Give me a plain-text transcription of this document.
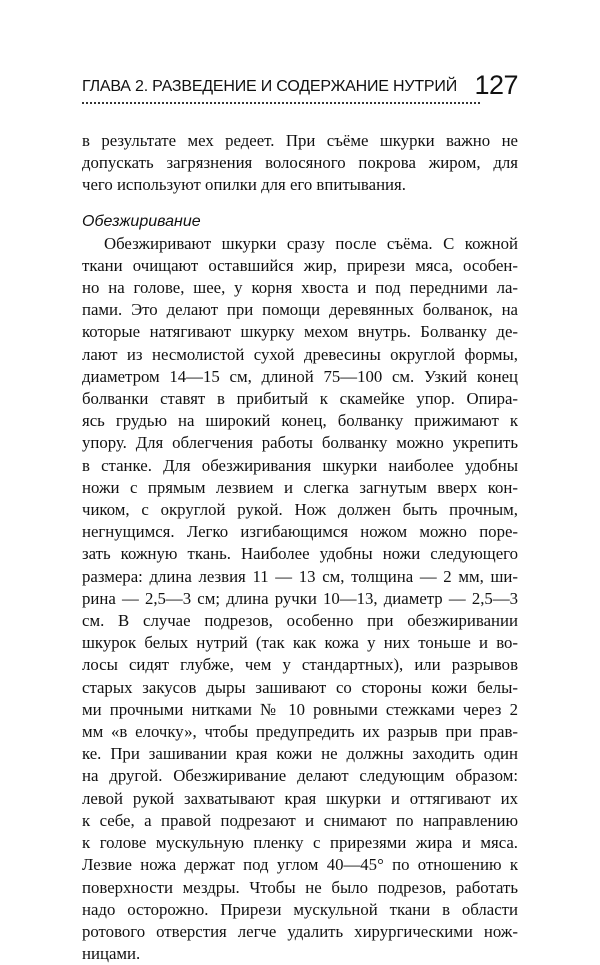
ГЛАВА 2. РАЗВЕДЕНИЕ И СОДЕРЖАНИЕ НУТРИЙ 127

в результате мех редеет. При съёме шкурки важно не
допускать загрязнения волосяного покрова жиром, для
чего используют опилки для его впитывания.

Обезжиривание

Обезжиривают шкурки сразу после съёма. С кожной
ткани очищают оставшийся жир, прирези мяса, особен-
но на голове, шее, у корня хвоста и под передними ла-
пами. Это делают при помощи деревянных болванок, на
которые натягивают шкурку мехом внутрь. Болванку де-
лают из несмолистой сухой древесины округлой формы,
диаметром 14—15 см, длиной 75—100 см. Узкий конец
болванки ставят в прибитый к скамейке упор. Опира-
ясь грудью на широкий конец, болванку прижимают к
упору. Для облегчения работы болванку можно укрепить
в станке. Для обезжиривания шкурки наиболее удобны
ножи с прямым лезвием и слегка загнутым вверх кон-
чиком, с округлой рукой. Нож должен быть прочным,
негнущимся. Легко изгибающимся ножом можно поре-
зать кожную ткань. Наиболее удобны ножи следующего
размера: длина лезвия 11 — 13 см, толщина — 2 мм, ши-
рина — 2,5—3 см; длина ручки 10—13, диаметр — 2,5—3
см. В случае подрезов, особенно при обезжиривании
шкурок белых нутрий (так как кожа у них тоньше и во-
лосы сидят глубже, чем у стандартных), или разрывов
старых закусов дыры зашивают со стороны кожи белы-
ми прочными нитками № 10 ровными стежками через 2
мм «в елочку», чтобы предупредить их разрыв при прав-
ке. При зашивании края кожи не должны заходить один
на другой. Обезжиривание делают следующим образом:
левой рукой захватывают края шкурки и оттягивают их
к себе, а правой подрезают и снимают по направлению
к голове мускульную пленку с прирезями жира и мяса.
Лезвие ножа держат под углом 40—45° по отношению к
поверхности мездры. Чтобы не было подрезов, работать
надо осторожно. Прирези мускульной ткани в области
ротового отверстия легче удалить хирургическими нож-
ницами.
